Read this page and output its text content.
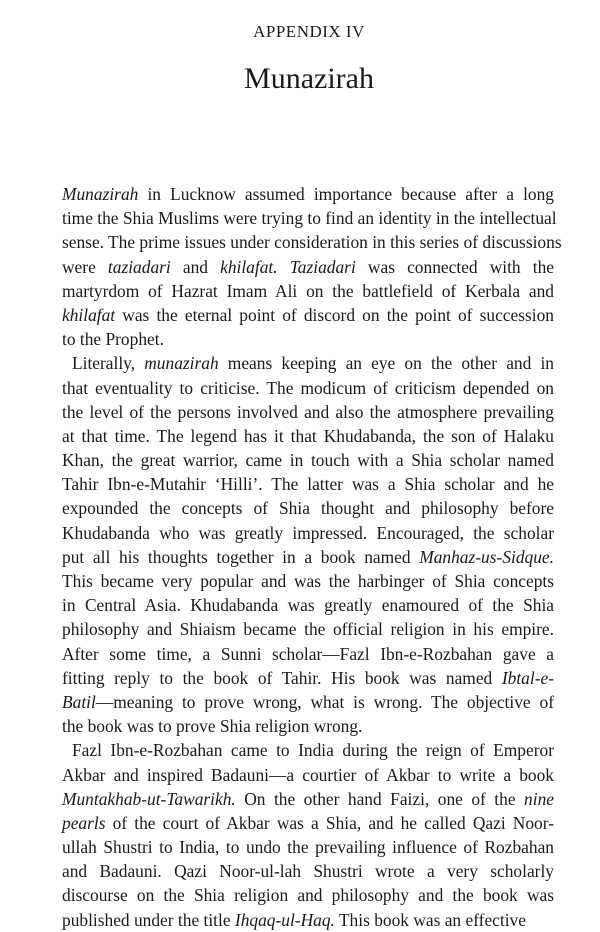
APPENDIX IV
Munazirah
Munazirah in Lucknow assumed importance because after a long
time the Shia Muslims were trying to find an identity in the intellectual
sense. The prime issues under consideration in this series of discussions
were taziadari and khilafat. Taziadari was connected with the
martyrdom of Hazrat Imam Ali on the battlefield of Kerbala and
khilafat was the eternal point of discord on the point of succession
to the Prophet.
Literally, munazirah means keeping an eye on the other and in
that eventuality to criticise. The modicum of criticism depended on
the level of the persons involved and also the atmosphere prevailing
at that time. The legend has it that Khudabanda, the son of Halaku
Khan, the great warrior, came in touch with a Shia scholar named
Tahir Ibn-e-Mutahir ‘Hilli’. The latter was a Shia scholar and he
expounded the concepts of Shia thought and philosophy before
Khudabanda who was greatly impressed. Encouraged, the scholar
put all his thoughts together in a book named Manhaz-us-Sidque.
This became very popular and was the harbinger of Shia concepts
in Central Asia. Khudabanda was greatly enamoured of the Shia
philosophy and Shiaism became the official religion in his empire.
After some time, a Sunni scholar—Fazl Ibn-e-Rozbahan gave a
fitting reply to the book of Tahir. His book was named Ibtal-e-
Batil—meaning to prove wrong, what is wrong. The objective of
the book was to prove Shia religion wrong.
Fazl Ibn-e-Rozbahan came to India during the reign of Emperor
Akbar and inspired Badauni—a courtier of Akbar to write a book
Muntakhab-ut-Tawarikh. On the other hand Faizi, one of the nine
pearls of the court of Akbar was a Shia, and he called Qazi Noor-
ullah Shustri to India, to undo the prevailing influence of Rozbahan
and Badauni. Qazi Noor-ul-lah Shustri wrote a very scholarly
discourse on the Shia religion and philosophy and the book was
published under the title Ihqaq-ul-Haq. This book was an effective
